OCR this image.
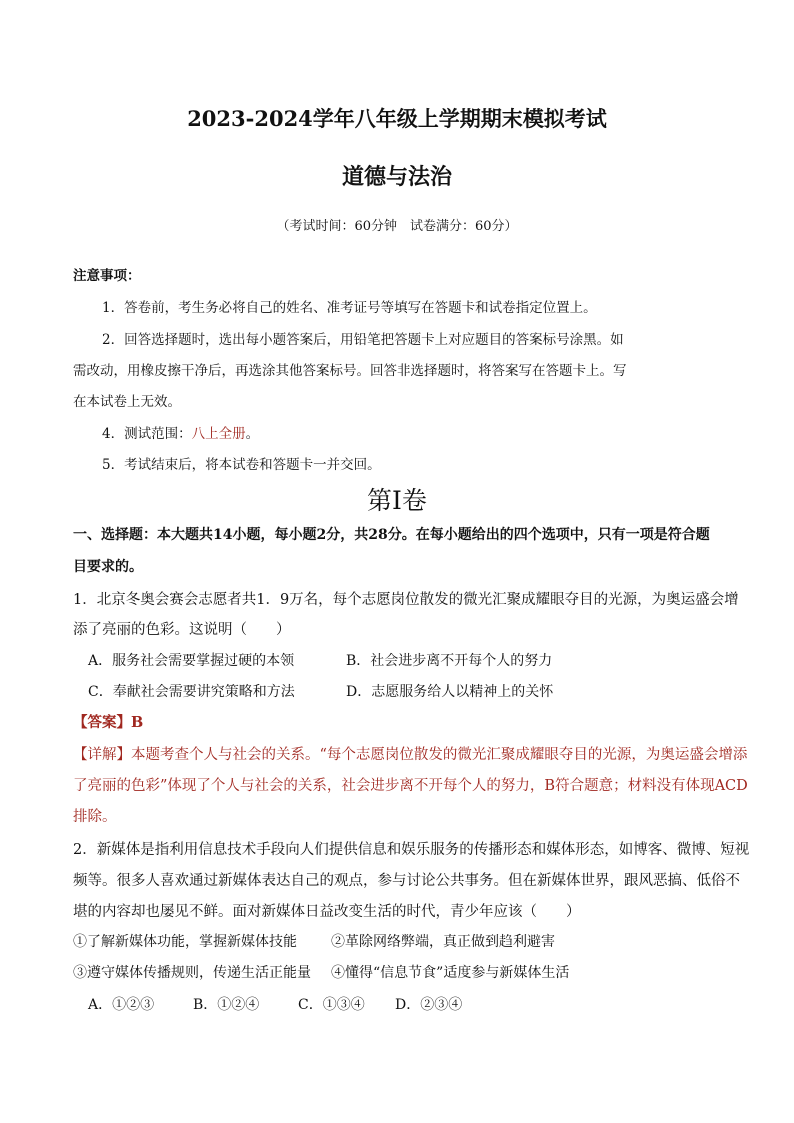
2023-2024学年八年级上学期期末模拟考试
道德与法治
（考试时间：60分钟　试卷满分：60分）
注意事项：
1．答卷前，考生务必将自己的姓名、准考证号等填写在答题卡和试卷指定位置上。
2．回答选择题时，选出每小题答案后，用铅笔把答题卡上对应题目的答案标号涂黑。如
需改动，用橡皮擦干净后，再选涂其他答案标号。回答非选择题时，将答案写在答题卡上。写
在本试卷上无效。
4．测试范围：八上全册。
5．考试结束后，将本试卷和答题卡一并交回。
第Ⅰ卷
一、选择题：本大题共14小题，每小题2分，共28分。在每小题给出的四个选项中，只有一项是符合题
目要求的。
1．北京冬奥会赛会志愿者共1．9万名，每个志愿岗位散发的微光汇聚成耀眼夺目的光源，为奥运盛会增
添了亮丽的色彩。这说明（　　）
A．服务社会需要掌握过硬的本领	B．社会进步离不开每个人的努力
C．奉献社会需要讲究策略和方法	D．志愿服务给人以精神上的关怀
【答案】B
【详解】本题考查个人与社会的关系。“每个志愿岗位散发的微光汇聚成耀眼夺目的光源，为奥运盛会增添
了亮丽的色彩”体现了个人与社会的关系，社会进步离不开每个人的努力，B符合题意；材料没有体现ACD
排除。
2．新媒体是指利用信息技术手段向人们提供信息和娱乐服务的传播形态和媒体形态，如博客、微博、短视
频等。很多人喜欢通过新媒体表达自己的观点，参与讨论公共事务。但在新媒体世界，跟风恶搞、低俗不
堪的内容却也屡见不鲜。面对新媒体日益改变生活的时代，青少年应该（　　）
①了解新媒体功能，掌握新媒体技能 ②革除网络弊端，真正做到趋利避害
③遵守媒体传播规则，传递生活正能量 ④懂得“信息节食”适度参与新媒体生活
A．①②③	B．①②④	C．①③④ D．②③④
